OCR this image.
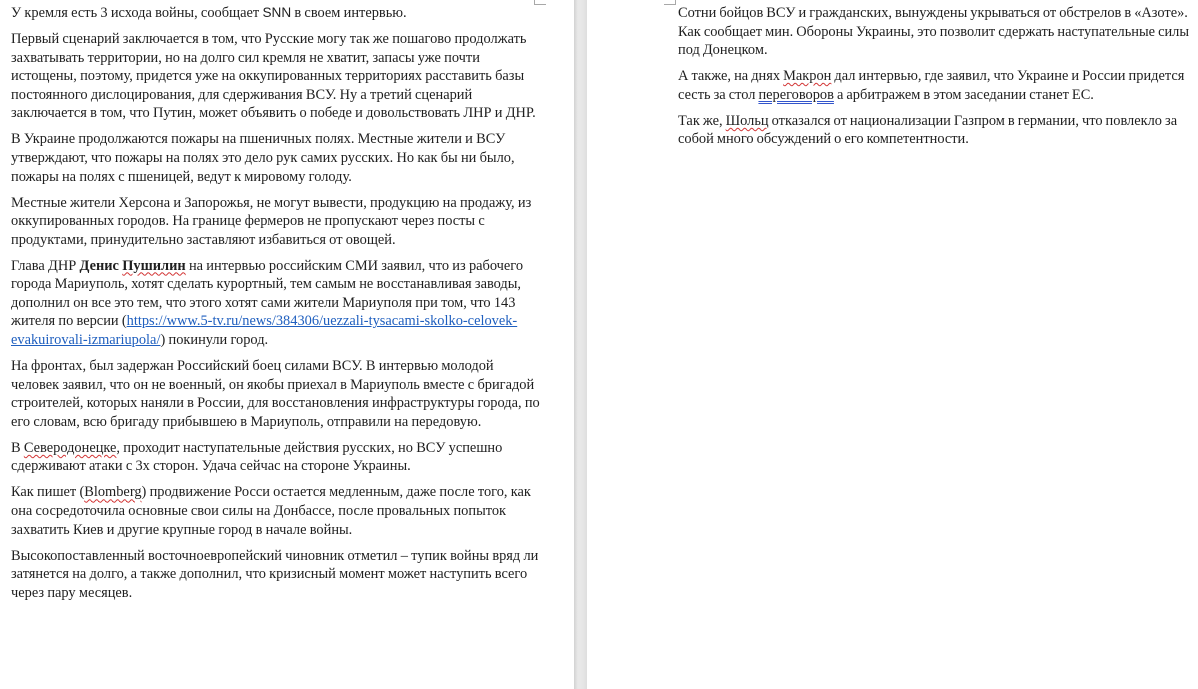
У кремля есть 3 исхода войны, сообщает SNN в своем интервью.

Первый сценарий заключается в том, что Русские могу так же пошагово продолжать захватывать территории, но на долго сил кремля не хватит, запасы уже почти истощены, поэтому, придется уже на оккупированных территориях расставить базы постоянного дислоцирования, для сдерживания ВСУ. Ну а третий сценарий заключается в том, что Путин, может объявить о победе и довольствовать ЛНР и ДНР.

В Украине продолжаются пожары на пшеничных полях. Местные жители и ВСУ утверждают, что пожары на полях это дело рук самих русских. Но как бы ни было, пожары на полях с пшеницей, ведут к мировому голоду.

Местные жители Херсона и Запорожья, не могут вывести, продукцию на продажу, из оккупированных городов. На границе фермеров не пропускают через посты с продуктами, принудительно заставляют избавиться от овощей.

Глава ДНР Денис Пушилин на интервью российским СМИ заявил, что из рабочего города Мариуполь, хотят сделать курортный, тем самым не восстанавливая заводы, дополнил он все это тем, что этого хотят сами жители Мариуполя при том, что 143 жителя по версии (https://www.5-tv.ru/news/384306/uezzali-tysacami-skolko-celovek-evakuirovali-izmariupola/) покинули город.

На фронтах, был задержан Российский боец силами ВСУ. В интервью молодой человек заявил, что он не военный, он якобы приехал в Мариуполь вместе с бригадой строителей, которых наняли в России, для восстановления инфраструктуры города, по его словам, всю бригаду прибывшею в Мариуполь, отправили на передовую.

В Северодонецке, проходит наступательные действия русских, но ВСУ успешно сдерживают атаки с 3х сторон. Удача сейчас на стороне Украины.

Как пишет (Blomberg) продвижение Росси остается медленным, даже после того, как она сосредоточила основные свои силы на Донбассе, после провальных попыток захватить Киев и другие крупные город в начале войны.

Высокопоставленный восточноевропейский чиновник отметил – тупик войны вряд ли затянется на долго, а также дополнил, что кризисный момент может наступить всего через пару месяцев.

Сотни бойцов ВСУ и гражданских, вынуждены укрываться от обстрелов в «Азоте». Как сообщает мин. Обороны Украины, это позволит сдержать наступательные силы под Донецком.

А также, на днях Макрон дал интервью, где заявил, что Украине и России придется сесть за стол переговоров а арбитражем в этом заседании станет ЕС.

Так же, Шольц отказался от национализации Газпром в германии, что повлекло за собой много обсуждений о его компетентности.
